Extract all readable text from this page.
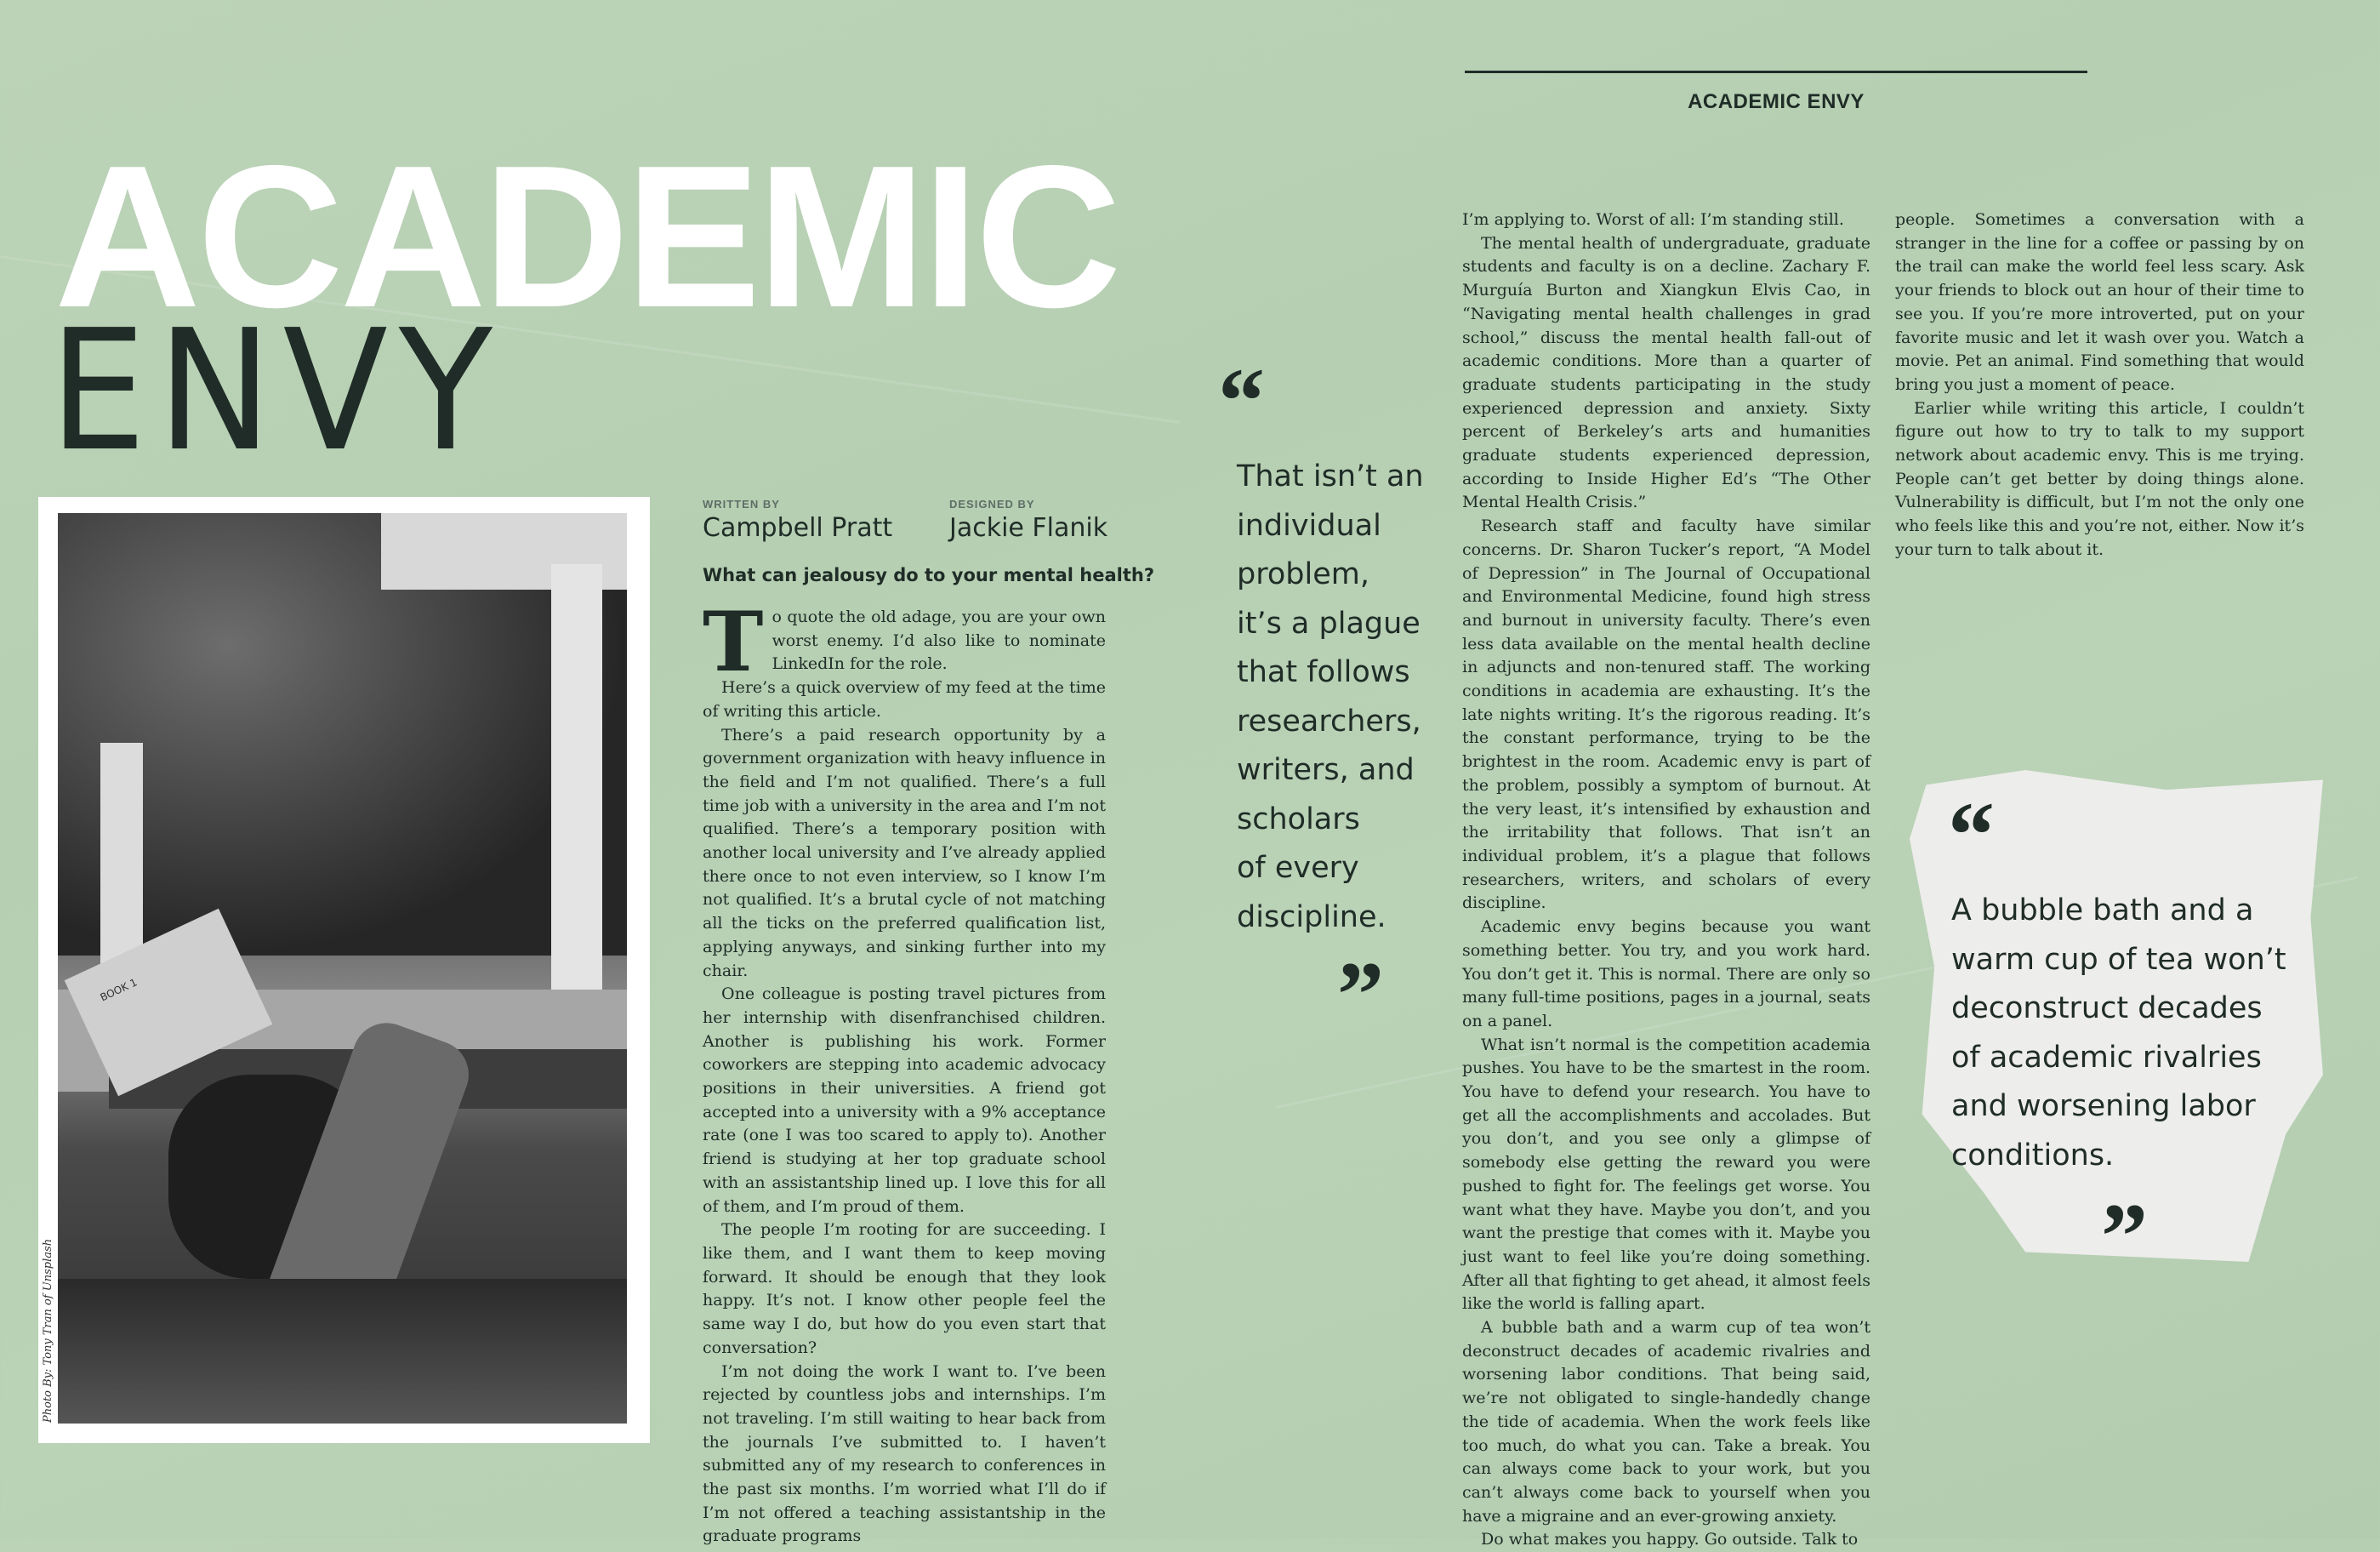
ACADEMIC ENVY
ACADEMIC
ENVY
BOOK 1
Photo By: Tony Tran of Unsplash
WRITTEN BY
Campbell Pratt
DESIGNED BY
Jackie Flanik
What can jealousy do to your mental health?

To quote the old adage, you are your own worst enemy. I’d also like to nominate LinkedIn for the role.

Here’s a quick overview of my feed at the time of writing this article.

There’s a paid research opportunity by a government organization with heavy influence in the field and I’m not qualified. There’s a full time job with a university in the area and I’m not qualified. There’s a temporary position with another local university and I’ve already applied there once to not even interview, so I know I’m not qualified. It’s a brutal cycle of not matching all the ticks on the preferred qualification list, applying anyways, and sinking further into my chair.

One colleague is posting travel pictures from her internship with disenfranchised children. Another is publishing his work. Former coworkers are stepping into academic advocacy positions in their universities. A friend got accepted into a university with a 9% acceptance rate (one I was too scared to apply to). Another friend is studying at her top graduate school with an assistantship lined up. I love this for all of them, and I’m proud of them.

The people I’m rooting for are succeeding. I like them, and I want them to keep moving forward. It should be enough that they look happy. It’s not. I know other people feel the same way I do, but how do you even start that conversation?

I’m not doing the work I want to. I’ve been rejected by countless jobs and internships. I’m not traveling. I’m still waiting to hear back from the journals I’ve submitted to. I haven’t submitted any of my research to conferences in the past six months. I’m worried what I’ll do if I’m not offered a teaching assistantship in the graduate programs

I’m applying to. Worst of all: I’m standing still.

The mental health of undergraduate, graduate students and faculty is on a decline. Zachary F. Murguía Burton and Xiangkun Elvis Cao, in “Navigating mental health challenges in grad school,” discuss the mental health fall-out of academic conditions. More than a quarter of graduate students participating in the study experienced depression and anxiety. Sixty percent of Berkeley’s arts and humanities graduate students experienced depression, according to Inside Higher Ed’s “The Other Mental Health Crisis.”

Research staff and faculty have similar concerns. Dr. Sharon Tucker’s report, “A Model of Depression” in The Journal of Occupational and Environmental Medicine, found high stress and burnout in university faculty. There’s even less data available on the mental health decline in adjuncts and non-tenured staff. The working conditions in academia are exhausting. It’s the late nights writing. It’s the rigorous reading. It’s the constant performance, trying to be the brightest in the room. Academic envy is part of the problem, possibly a symptom of burnout. At the very least, it’s intensified by exhaustion and the irritability that follows. That isn’t an individual problem, it’s a plague that follows researchers, writers, and scholars of every discipline.

Academic envy begins because you want something better. You try, and you work hard. You don’t get it. This is normal. There are only so many full-time positions, pages in a journal, seats on a panel.

What isn’t normal is the competition academia pushes. You have to be the smartest in the room. You have to defend your research. You have to get all the accomplishments and accolades. But you don’t, and you see only a glimpse of somebody else getting the reward you were pushed to fight for. The feelings get worse. You want what they have. Maybe you don’t, and you want the prestige that comes with it. Maybe you just want to feel like you’re doing something. After all that fighting to get ahead, it almost feels like the world is falling apart.

A bubble bath and a warm cup of tea won’t deconstruct decades of academic rivalries and worsening labor conditions. That being said, we’re not obligated to single-handedly change the tide of academia. When the work feels like too much, do what you can. Take a break. You can always come back to your work, but you can’t always come back to yourself when you have a migraine and an ever-growing anxiety.

Do what makes you happy. Go outside. Talk to

people. Sometimes a conversation with a stranger in the line for a coffee or passing by on the trail can make the world feel less scary. Ask your friends to block out an hour of their time to see you. If you’re more introverted, put on your favorite music and let it wash over you. Watch a movie. Pet an animal. Find something that would bring you just a moment of peace.

Earlier while writing this article, I couldn’t figure out how to try to talk to my support network about academic envy. This is me trying. People can’t get better by doing things alone. Vulnerability is difficult, but I’m not the only one who feels like this and you’re not, either. Now it’s your turn to talk about it.

“
That isn’t an
individual
problem,
it’s a plague
that follows
researchers,
writers, and
scholars
of every
discipline.
”
“
A bubble bath and a
warm cup of tea won’t
deconstruct decades
of academic rivalries
and worsening labor
conditions.
”
